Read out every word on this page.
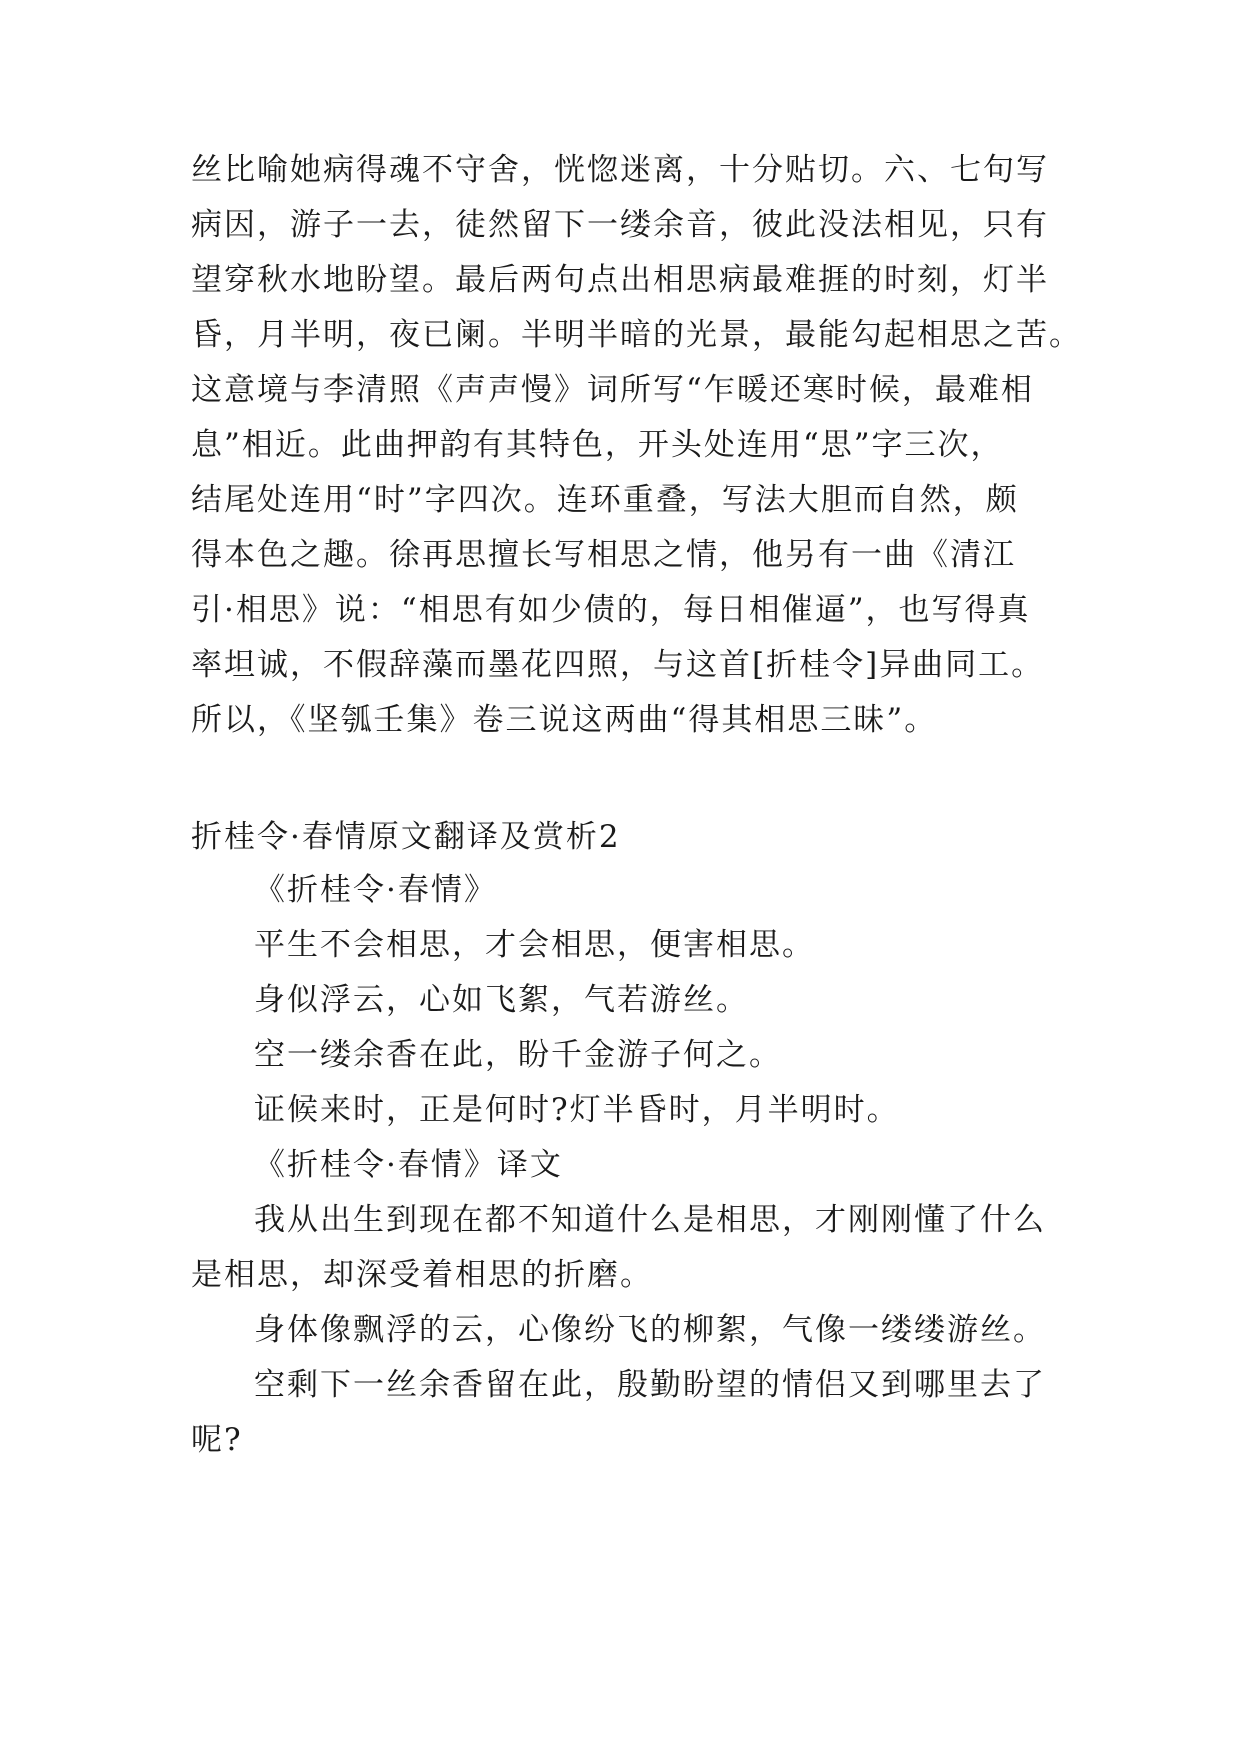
丝比喻她病得魂不守舍，恍惚迷离，十分贴切。六、七句写
病因，游子一去，徒然留下一缕余音，彼此没法相见，只有
望穿秋水地盼望。最后两句点出相思病最难捱的时刻，灯半
昏，月半明，夜已阑。半明半暗的光景，最能勾起相思之苦。
这意境与李清照《声声慢》词所写“乍暖还寒时候，最难相
息”相近。此曲押韵有其特色，开头处连用“思”字三次，
结尾处连用“时”字四次。连环重叠，写法大胆而自然，颇
得本色之趣。徐再思擅长写相思之情，他另有一曲《清江
引·相思》说：“相思有如少债的，每日相催逼”，也写得真
率坦诚，不假辞藻而墨花四照，与这首[折桂令]异曲同工。
所以，《坚瓠壬集》卷三说这两曲“得其相思三昧”。
折桂令·春情原文翻译及赏析2
《折桂令·春情》
平生不会相思，才会相思，便害相思。
身似浮云，心如飞絮，气若游丝。
空一缕余香在此，盼千金游子何之。
证候来时，正是何时?灯半昏时，月半明时。
《折桂令·春情》译文
我从出生到现在都不知道什么是相思，才刚刚懂了什么
是相思，却深受着相思的折磨。
身体像飘浮的云，心像纷飞的柳絮，气像一缕缕游丝。
空剩下一丝余香留在此，殷勤盼望的情侣又到哪里去了
呢?
